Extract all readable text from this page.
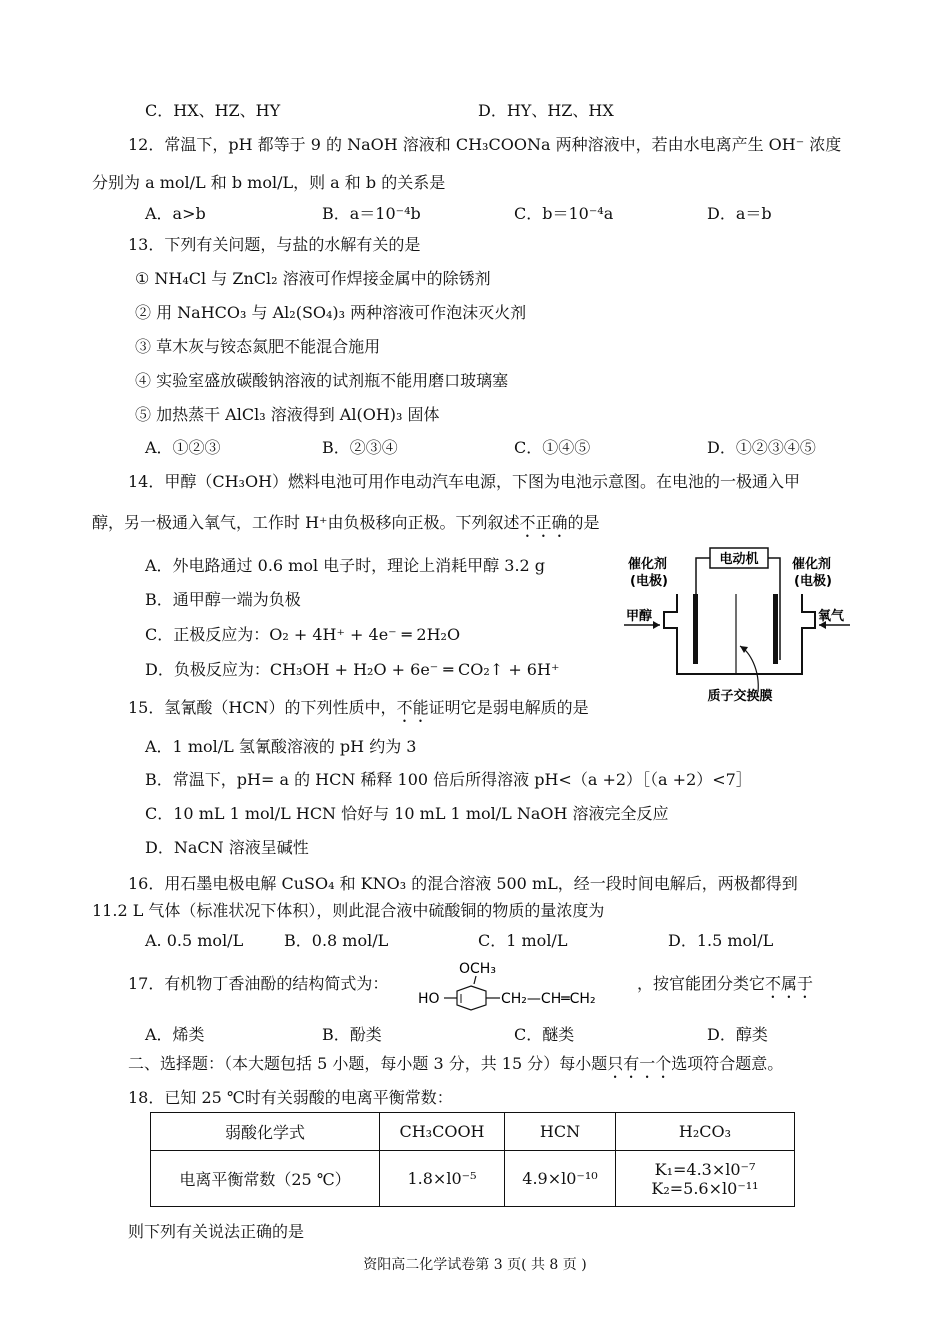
C．HX、HZ、HY	D．HY、HZ、HX
12．常温下，pH 都等于 9 的 NaOH 溶液和 CH₃COONa 两种溶液中，若由水电离产生 OH⁻ 浓度
分别为 a mol/L 和 b mol/L，则 a 和 b 的关系是
A．a>b	B．a＝10⁻⁴b	C．b＝10⁻⁴a	D．a＝b
13．下列有关问题，与盐的水解有关的是
① NH₄Cl 与 ZnCl₂ 溶液可作焊接金属中的除锈剂
② 用 NaHCO₃ 与 Al₂(SO₄)₃ 两种溶液可作泡沫灭火剂
③ 草木灰与铵态氮肥不能混合施用
④ 实验室盛放碳酸钠溶液的试剂瓶不能用磨口玻璃塞
⑤ 加热蒸干 AlCl₃ 溶液得到 Al(OH)₃ 固体
A．①②③	B．②③④	C．①④⑤	D．①②③④⑤
14．甲醇（CH₃OH）燃料电池可用作电动汽车电源，下图为电池示意图。在电池的一极通入甲
醇，另一极通入氧气，工作时 H⁺由负极移向正极。下列叙述不正确的是
A．外电路通过 0.6 mol 电子时，理论上消耗甲醇 3.2 g
B．通甲醇一端为负极
C．正极反应为：O₂ + 4H⁺ + 4e⁻ ═ 2H₂O
D．负极反应为：CH₃OH + H₂O + 6e⁻ ═ CO₂↑ + 6H⁺
电动机
催化剂
(电极)
催化剂
(电极)
甲醇	氧气
质子交换膜
15．氢氰酸（HCN）的下列性质中，不能证明它是弱电解质的是
A．1 mol/L 氢氰酸溶液的 pH 约为 3
B．常温下，pH= a 的 HCN 稀释 100 倍后所得溶液 pH<（a +2）［（a +2）<7］
C．10 mL 1 mol/L HCN 恰好与 10 mL 1 mol/L NaOH 溶液完全反应
D．NaCN 溶液呈碱性
16．用石墨电极电解 CuSO₄ 和 KNO₃ 的混合溶液 500 mL，经一段时间电解后，两极都得到
11.2 L 气体（标准状况下体积），则此混合液中硫酸铜的物质的量浓度为
A. 0.5 mol/L	B．0.8 mol/L	C．1 mol/L	D．1.5 mol/L
17．有机物丁香油酚的结构简式为：
OCH₃
HO	CH₂—CH═CH₂
，按官能团分类它不属于
A．烯类	B．酚类	C．醚类	D．醇类
二、选择题：（本大题包括 5 小题，每小题 3 分，共 15 分）每小题只有一个选项符合题意。
18．已知 25 ℃时有关弱酸的电离平衡常数：
弱酸化学式	CH₃COOH	HCN	H₂CO₃
电离平衡常数（25 ℃）	1.8×l0⁻⁵	4.9×l0⁻¹⁰	K₁=4.3×l0⁻⁷
K₂=5.6×l0⁻¹¹
则下列有关说法正确的是
资阳高二化学试卷第 3 页( 共 8 页 )
